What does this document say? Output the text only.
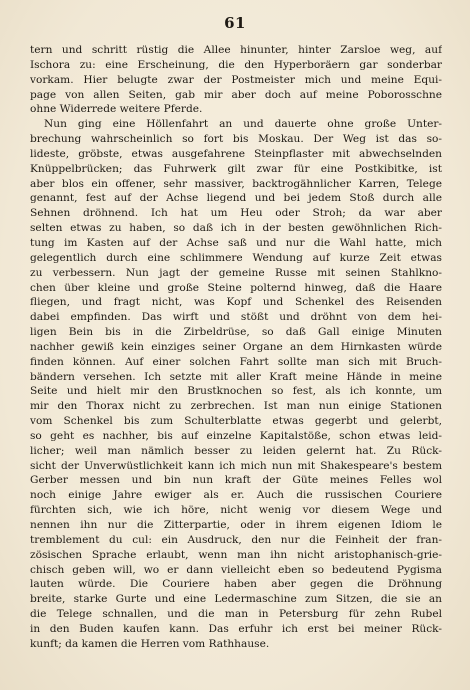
61
tern und schritt rüstig die Allee hinunter, hinter Zarsloe weg, auf
Ischora zu: eine Erscheinung, die den Hyperboräern gar sonderbar
vorkam. Hier belugte zwar der Postmeister mich und meine Equi-
page von allen Seiten, gab mir aber doch auf meine Poborosschne
ohne Widerrede weitere Pferde.
Nun ging eine Höllenfahrt an und dauerte ohne große Unter-
brechung wahrscheinlich so fort bis Moskau. Der Weg ist das so-
lideste, gröbste, etwas ausgefahrene Steinpflaster mit abwechselnden
Knüppelbrücken; das Fuhrwerk gilt zwar für eine Postkibitke, ist
aber blos ein offener, sehr massiver, backtrogähnlicher Karren, Telege
genannt, fest auf der Achse liegend und bei jedem Stoß durch alle
Sehnen dröhnend. Ich hat um Heu oder Stroh; da war aber
selten etwas zu haben, so daß ich in der besten gewöhnlichen Rich-
tung im Kasten auf der Achse saß und nur die Wahl hatte, mich
gelegentlich durch eine schlimmere Wendung auf kurze Zeit etwas
zu verbessern. Nun jagt der gemeine Russe mit seinen Stahlkno-
chen über kleine und große Steine polternd hinweg, daß die Haare
fliegen, und fragt nicht, was Kopf und Schenkel des Reisenden
dabei empfinden. Das wirft und stößt und dröhnt von dem hei-
ligen Bein bis in die Zirbeldrüse, so daß Gall einige Minuten
nachher gewiß kein einziges seiner Organe an dem Hirnkasten würde
finden können. Auf einer solchen Fahrt sollte man sich mit Bruch-
bändern versehen. Ich setzte mit aller Kraft meine Hände in meine
Seite und hielt mir den Brustknochen so fest, als ich konnte, um
mir den Thorax nicht zu zerbrechen. Ist man nun einige Stationen
vom Schenkel bis zum Schulterblatte etwas gegerbt und gelerbt,
so geht es nachher, bis auf einzelne Kapitalstöße, schon etwas leid-
licher; weil man nämlich besser zu leiden gelernt hat. Zu Rück-
sicht der Unverwüstlichkeit kann ich mich nun mit Shakespeare's bestem
Gerber messen und bin nun kraft der Güte meines Felles wol
noch einige Jahre ewiger als er. Auch die russischen Couriere
fürchten sich, wie ich höre, nicht wenig vor diesem Wege und
nennen ihn nur die Zitterpartie, oder in ihrem eigenen Idiom le
tremblement du cul: ein Ausdruck, den nur die Feinheit der fran-
zösischen Sprache erlaubt, wenn man ihn nicht aristophanisch-grie-
chisch geben will, wo er dann vielleicht eben so bedeutend Pygisma
lauten würde. Die Couriere haben aber gegen die Dröhnung
breite, starke Gurte und eine Ledermaschine zum Sitzen, die sie an
die Telege schnallen, und die man in Petersburg für zehn Rubel
in den Buden kaufen kann. Das erfuhr ich erst bei meiner Rück-
kunft; da kamen die Herren vom Rathhause.
